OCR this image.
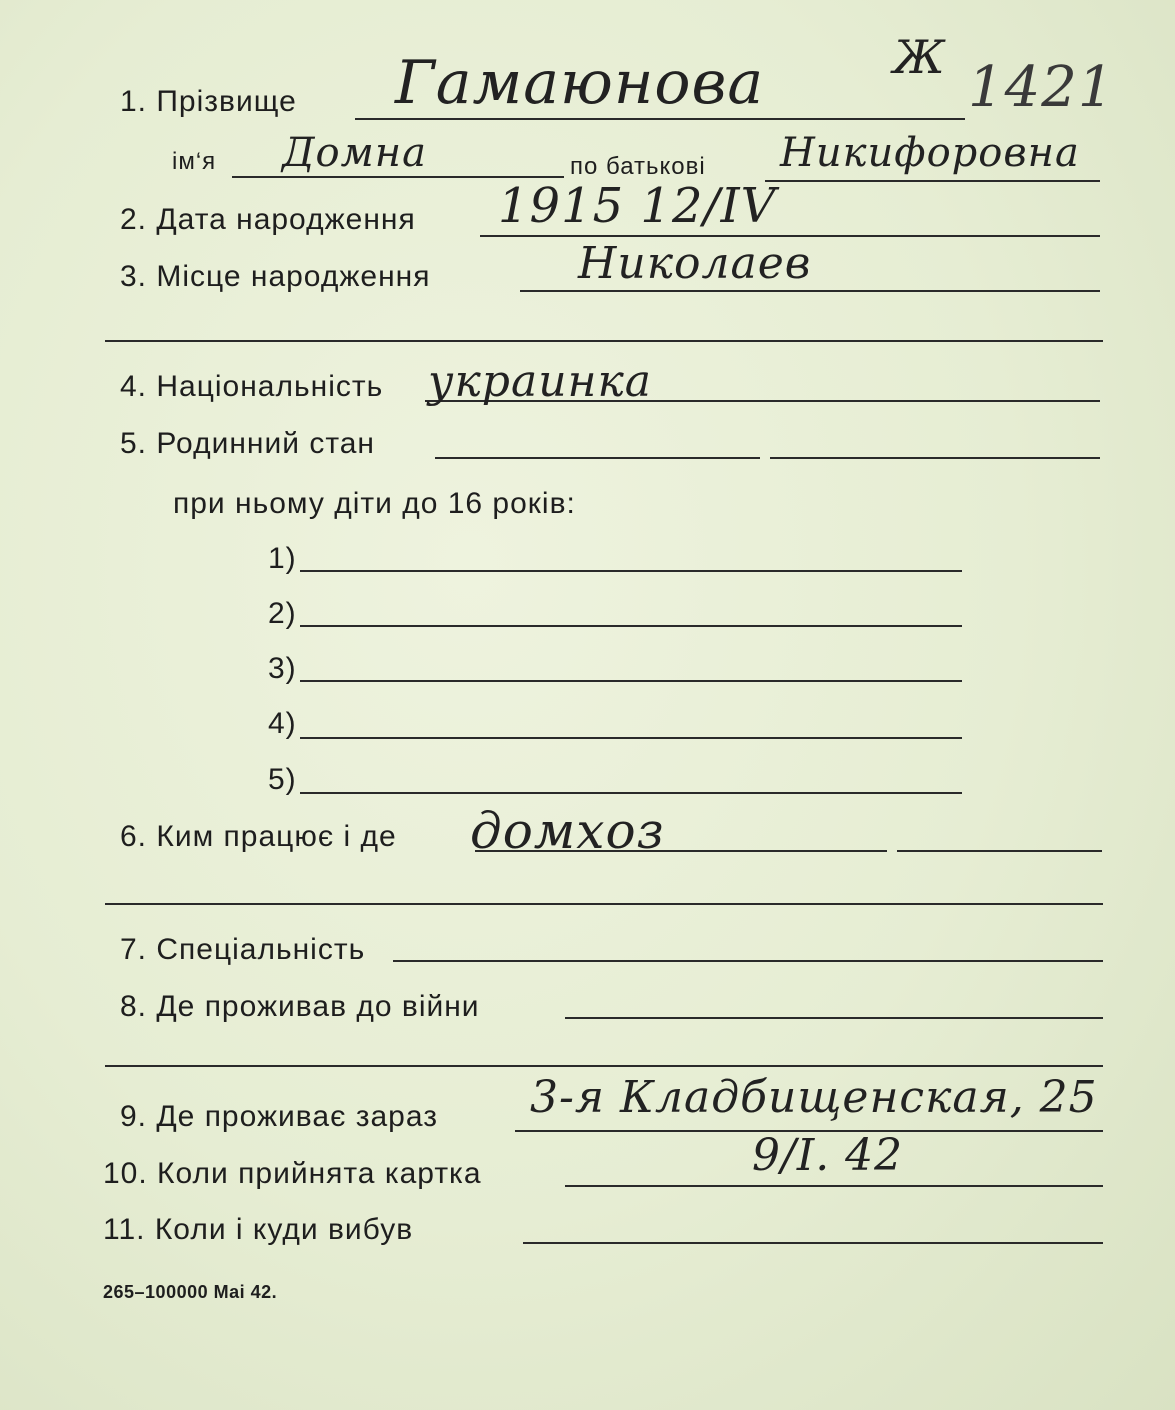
Ж 1421
1. Прізвище Гамаюнова
ім‘я Домна	по батькові Никифоровна
2. Дата народження 1915 12/IV
3. Місце народження	Николаев
4. Національність украинка
5. Родинний стан
при ньому діти до 16 років:
1)
2)
3)
4)
5)
6. Ким працює і де домхоз
7. Спеціальність
8. Де проживав до війни
9. Де проживає зараз 3-я Кладбищенская, 25
10. Коли прийнята картка	9/I. 42
11. Коли і куди вибув
265–100000 Mai 42.
